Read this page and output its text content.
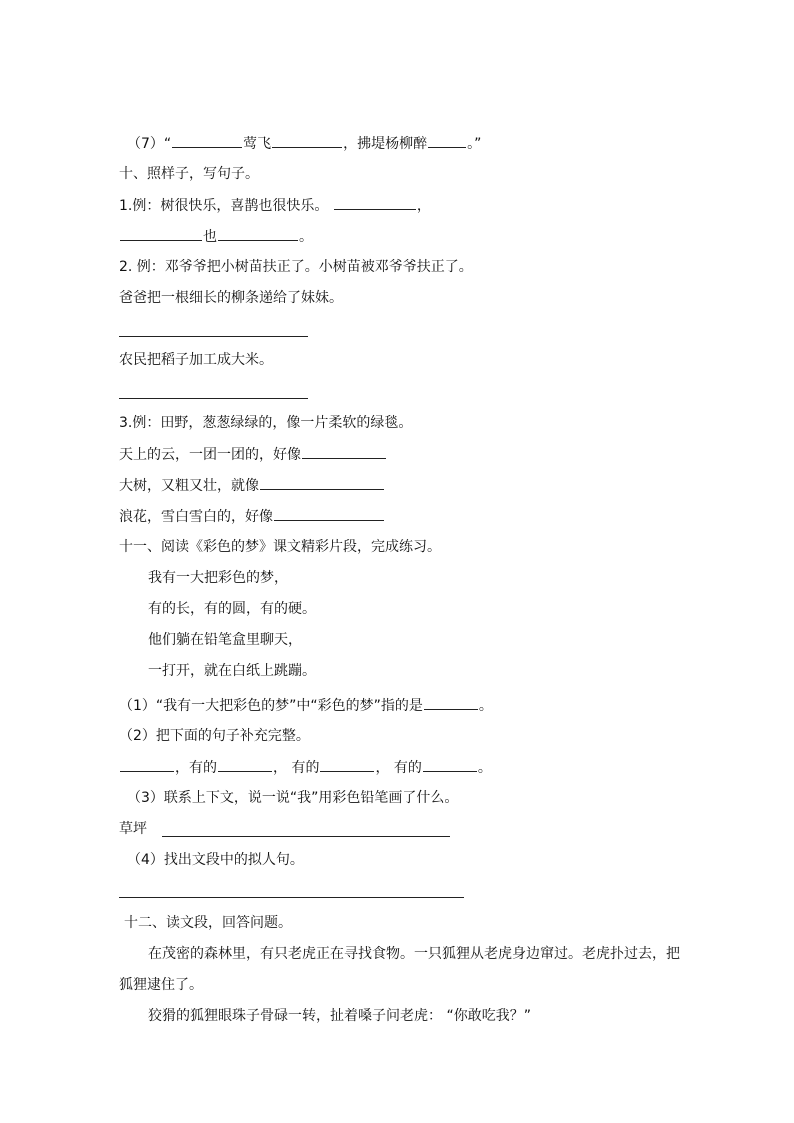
（7）“	莺飞	，拂堤杨柳醉	。”
十、照样子，写句子。
1.例：树很快乐，喜鹊也很快乐。	，
也	。
2. 例：邓爷爷把小树苗扶正了。小树苗被邓爷爷扶正了。
爸爸把一根细长的柳条递给了妹妹。
农民把稻子加工成大米。
3.例：田野，葱葱绿绿的，像一片柔软的绿毯。
天上的云，一团一团的，好像
大树，又粗又壮，就像
浪花，雪白雪白的，好像
十一、阅读《彩色的梦》课文精彩片段，完成练习。
我有一大把彩色的梦，
有的长，有的圆，有的硬。
他们躺在铅笔盒里聊天，
一打开，就在白纸上跳蹦。
（1）“我有一大把彩色的梦”中“彩色的梦”指的是	。
（2）把下面的句子补充完整。
，有的	， 有的	， 有的	。
（3）联系上下文，说一说“我”用彩色铅笔画了什么。
草坪
（4）找出文段中的拟人句。
十二、读文段，回答问题。
在茂密的森林里，有只老虎正在寻找食物。一只狐狸从老虎身边窜过。老虎扑过去，把
狐狸逮住了。
狡猾的狐狸眼珠子骨碌一转，扯着嗓子问老虎： “你敢吃我？”
